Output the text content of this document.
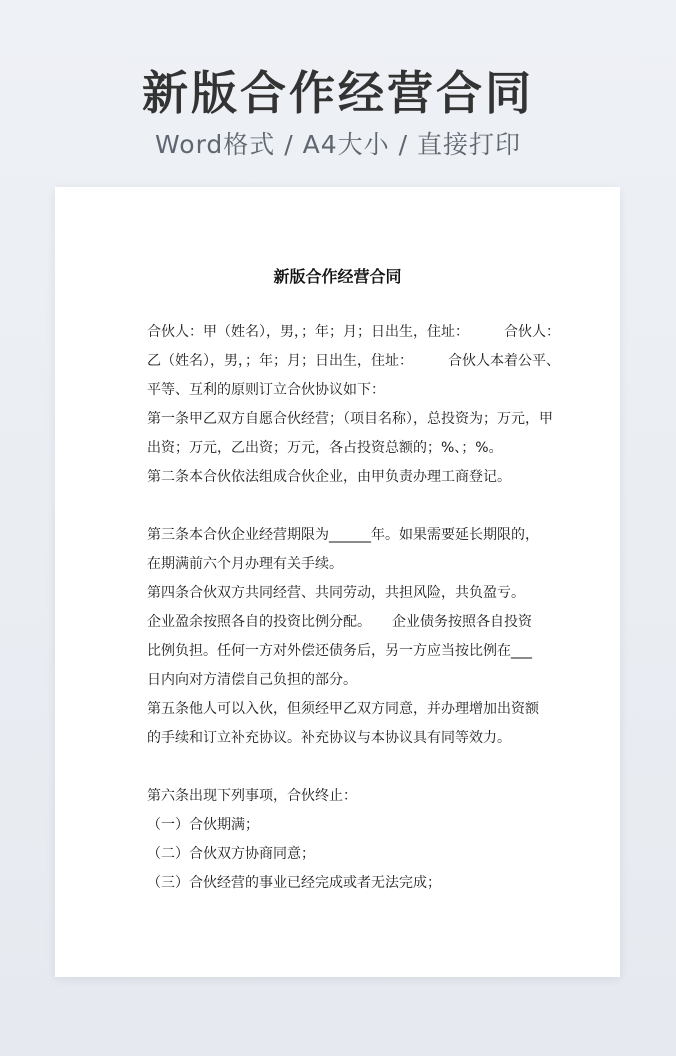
新版合作经营合同
Word格式 / A4大小 / 直接打印
新版合作经营合同
合伙人：甲（姓名），男，；年；月；日出生，住址：　　　合伙人：
乙（姓名），男，；年；月；日出生，住址：　　　合伙人本着公平、
平等、互利的原则订立合伙协议如下：
第一条甲乙双方自愿合伙经营；（项目名称），总投资为；万元，甲
出资；万元，乙出资；万元，各占投资总额的；%、；%。
第二条本合伙依法组成合伙企业，由甲负责办理工商登记。
第三条本合伙企业经营期限为______年。如果需要延长期限的，
在期满前六个月办理有关手续。
第四条合伙双方共同经营、共同劳动，共担风险，共负盈亏。
企业盈余按照各自的投资比例分配。　　企业债务按照各自投资
比例负担。任何一方对外偿还债务后，另一方应当按比例在___
日内向对方清偿自己负担的部分。
第五条他人可以入伙，但须经甲乙双方同意，并办理增加出资额
的手续和订立补充协议。补充协议与本协议具有同等效力。
第六条出现下列事项，合伙终止：
（一）合伙期满；
（二）合伙双方协商同意；
（三）合伙经营的事业已经完成或者无法完成；
